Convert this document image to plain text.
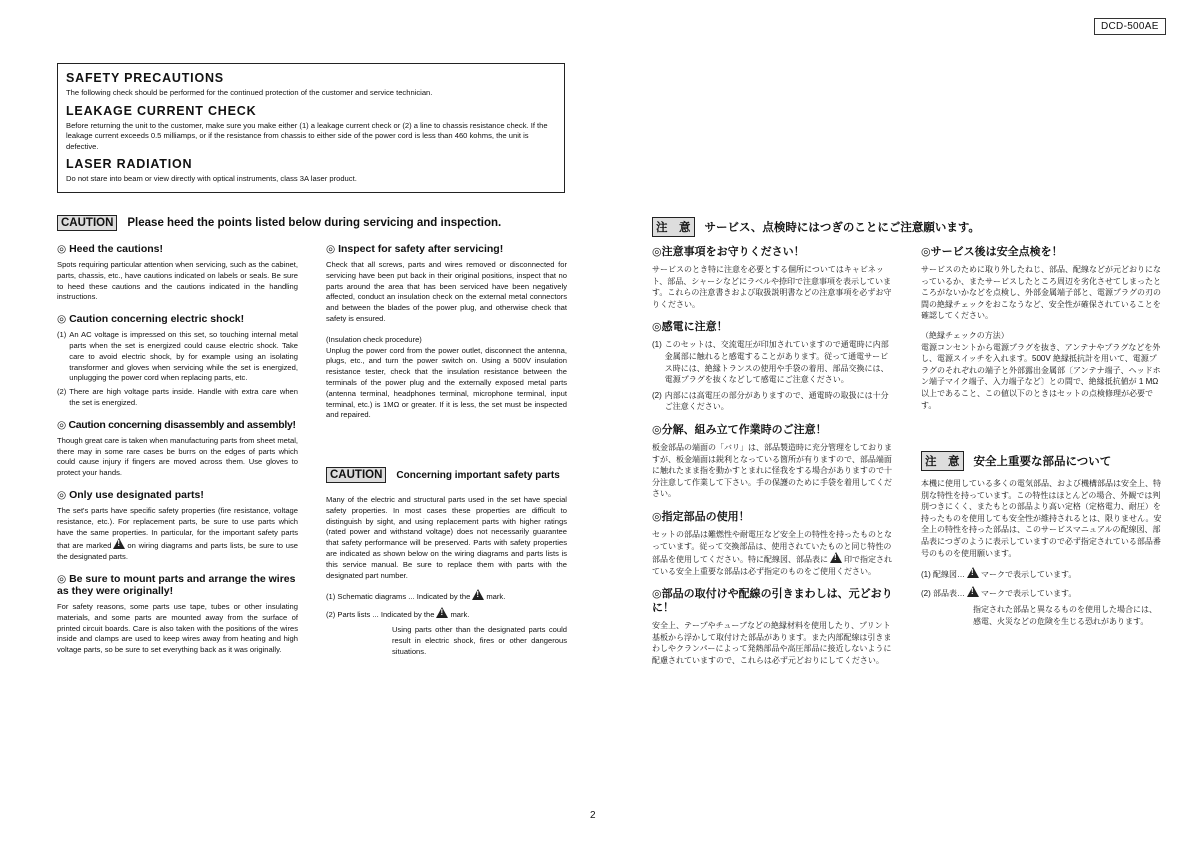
DCD-500AE
SAFETY PRECAUTIONS

The following check should be performed for the continued protection of the customer and service technician.

LEAKAGE CURRENT CHECK

Before returning the unit to the customer, make sure you make either (1) a leakage current check or (2) a line to chassis resistance check. If the leakage current exceeds 0.5 milliamps, or if the resistance from chassis to either side of the power cord is less than 460 kohms, the unit is defective.

LASER RADIATION

Do not stare into beam or view directly with optical instruments, class 3A laser product.

CAUTION	Please heed the points listed below during servicing and inspection.
◎ Heed the cautions!

Spots requiring particular attention when servicing, such as the cabinet, parts, chassis, etc., have cautions indicated on labels or seals. Be sure to heed these cautions and the cautions indicated in the handling instructions.

◎ Caution concerning electric shock!
(1) An AC voltage is impressed on this set, so touching internal metal parts when the set is energized could cause electric shock. Take care to avoid electric shock, by for example using an isolating transformer and gloves when servicing while the set is energized, unplugging the power cord when replacing parts, etc.
(2) There are high voltage parts inside. Handle with extra care when the set is energized.
◎ Caution concerning disassembly and assembly!

Though great care is taken when manufacturing parts from sheet metal, there may in some rare cases be burrs on the edges of parts which could cause injury if fingers are moved across them. Use gloves to protect your hands.

◎ Only use designated parts!

The set's parts have specific safety properties (fire resistance, voltage resistance, etc.). For replacement parts, be sure to use parts which have the same properties. In particular, for the important safety parts that are marked ! on wiring diagrams and parts lists, be sure to use the designated parts.

◎ Be sure to mount parts and arrange the wires as they were originally!

For safety reasons, some parts use tape, tubes or other insulating materials, and some parts are mounted away from the surface of printed circuit boards. Care is also taken with the positions of the wires inside and clamps are used to keep wires away from heating and high voltage parts, so be sure to set everything back as it was originally.

◎ Inspect for safety after servicing!

Check that all screws, parts and wires removed or disconnected for servicing have been put back in their original positions, inspect that no parts around the area that has been serviced have been negatively affected, conduct an insulation check on the external metal connectors and between the blades of the power plug, and otherwise check that safety is ensured.

(Insulation check procedure)

Unplug the power cord from the power outlet, disconnect the antenna, plugs, etc., and turn the power switch on. Using a 500V insulation resistance tester, check that the insulation resistance between the terminals of the power plug and the externally exposed metal parts (antenna terminal, headphones terminal, microphone terminal, input terminal, etc.) is 1MΩ or greater. If it is less, the set must be inspected and repaired.

CAUTION	Concerning important safety parts

Many of the electric and structural parts used in the set have special safety properties. In most cases these properties are difficult to distinguish by sight, and using replacement parts with higher ratings (rated power and withstand voltage) does not necessarily guarantee that safety performance will be preserved. Parts with safety properties are indicated as shown below on the wiring diagrams and parts lists is this service manual. Be sure to replace them with parts with the designated part number.

(1) Schematic diagrams ... Indicated by the ! mark.

(2) Parts lists ... Indicated by the ! mark.

Using parts other than the designated parts could result in electric shock, fires or other dangerous situations.

注　意	サービス、点検時にはつぎのことにご注意願います。
◎注意事項をお守りください！

サービスのとき特に注意を必要とする個所についてはキャビネット、部品、シャーシなどにラベルや捺印で注意事項を表示しています。これらの注意書きおよび取扱説明書などの注意事項を必ずお守りください。

◎感電に注意！
(1) このセットは、交流電圧が印加されていますので通電時に内部金属部に触れると感電することがあります。従って通電サービス時には、絶縁トランスの使用や手袋の着用、部品交換には、電源プラグを抜くなどして感電にご注意ください。
(2) 内部には高電圧の部分がありますので、通電時の取扱には十分ご注意ください。
◎分解、組み立て作業時のご注意！

板金部品の端面の「バリ」は、部品製造時に充分管理をしておりますが、板金端面は鋭利となっている箇所が有りますので、部品端面に触れたまま指を動かすとまれに怪我をする場合がありますので十分注意して作業して下さい。手の保護のために手袋を着用してください。

◎指定部品の使用！

セットの部品は難燃性や耐電圧など安全上の特性を持ったものとなっています。従って交換部品は、使用されていたものと同じ特性の部品を使用してください。特に配線図、部品表に ! 印で指定されている安全上重要な部品は必ず指定のものをご使用ください。

◎部品の取付けや配線の引きまわしは、元どおりに！

安全上、テープやチューブなどの絶縁材料を使用したり、プリント基板から浮かして取付けた部品があります。また内部配線は引きまわしやクランパーによって発熱部品や高圧部品に接近しないように配慮されていますので、これらは必ず元どおりにしてください。

◎サービス後は安全点検を！

サービスのために取り外したねじ、部品、配線などが元どおりになっているか、またサービスしたところ周辺を劣化させてしまったところがないかなどを点検し、外部金属端子部と、電源プラグの刃の間の絶縁チェックをおこなうなど、安全性が確保されていることを確認してください。

（絶縁チェックの方法）

電源コンセントから電源プラグを抜き、アンテナやプラグなどを外し、電源スイッチを入れます。500V 絶縁抵抗計を用いて、電源プラグのそれぞれの端子と外部露出金属部〔アンテナ端子、ヘッドホン端子マイク端子、入力端子など〕との間で、絶縁抵抗値が 1 MΩ 以上であること、この値以下のときはセットの点検修理が必要です。

注　意	安全上重要な部品について

本機に使用している多くの電気部品、および機構部品は安全上、特別な特性を持っています。この特性はほとんどの場合、外観では判別つきにくく、またもとの部品より高い定格（定格電力、耐圧）を持ったものを使用しても安全性が維持されるとは、限りません。安全上の特性を持った部品は、このサービスマニュアルの配線図、部品表につぎのように表示していますので必ず指定されている部品番号のものを使用願います。

(1) 配線図… ! マークで表示しています。

(2) 部品表… ! マークで表示しています。

指定された部品と異なるものを使用した場合には、感電、火災などの危険を生じる恐れがあります。

2
